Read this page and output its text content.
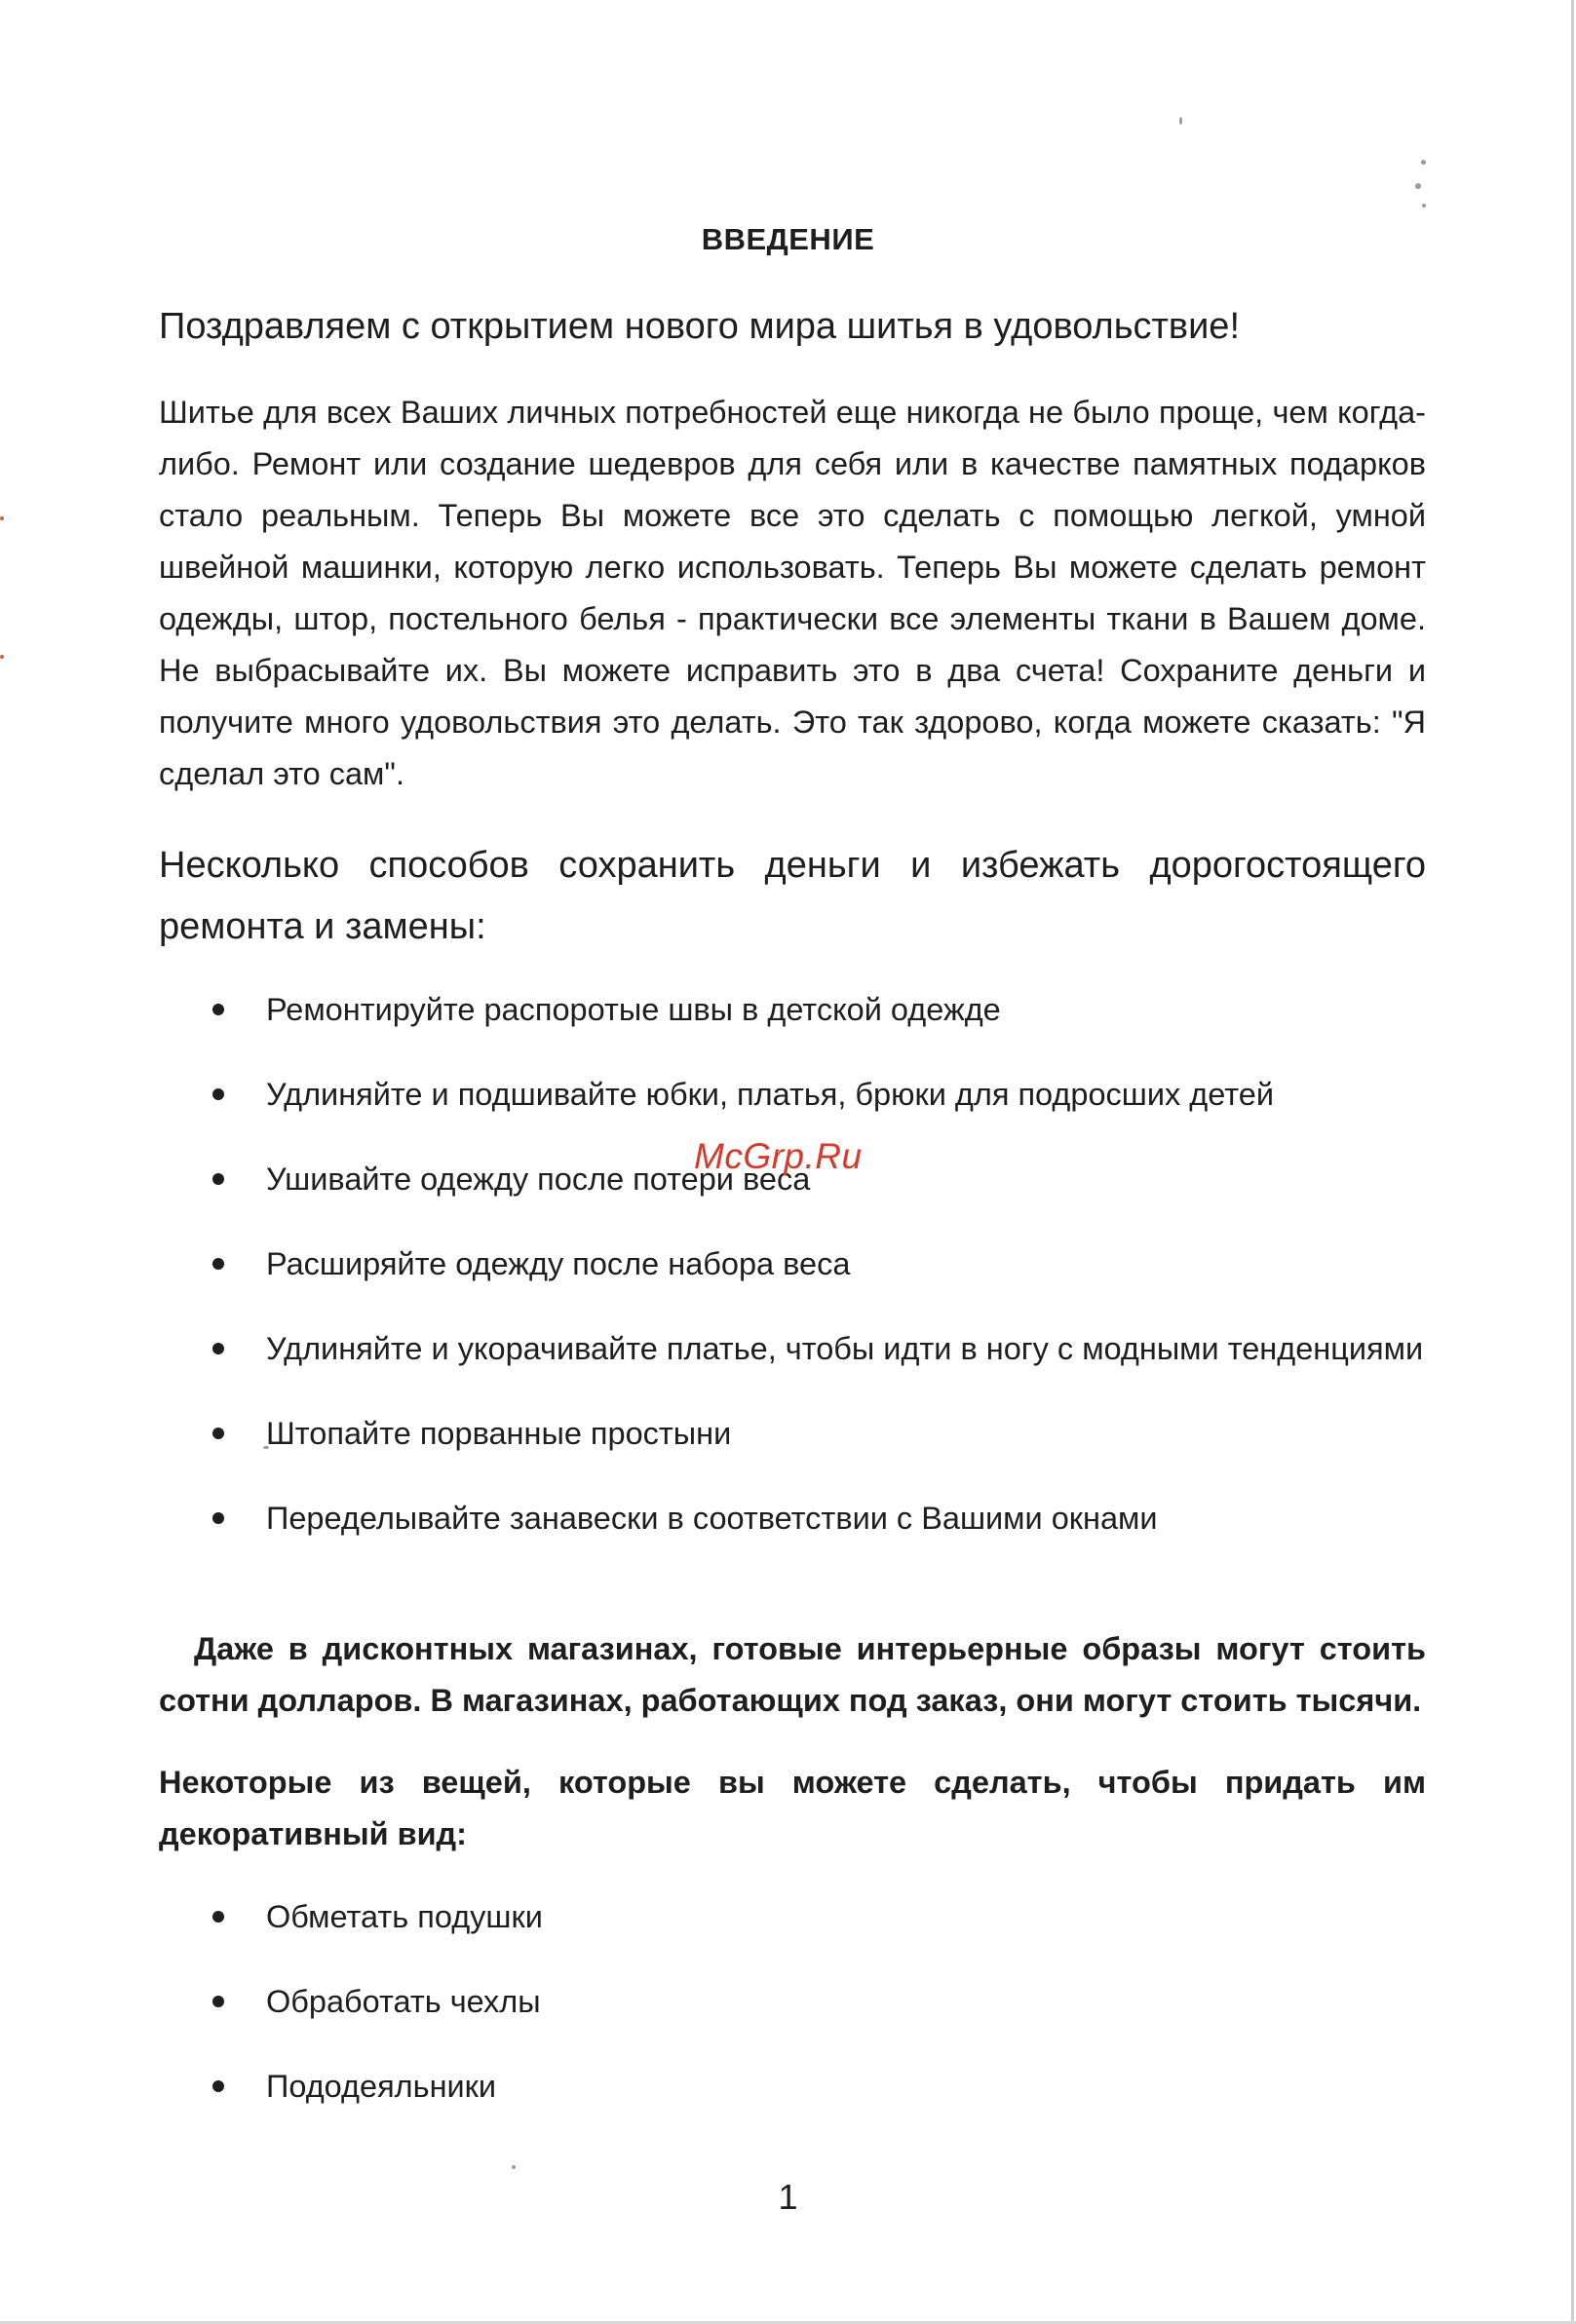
ВВЕДЕНИЕ
Поздравляем с открытием нового мира шитья в удовольствие!
Шитье для всех Ваших личных потребностей еще никогда не было проще, чем когда-либо. Ремонт или создание шедевров для себя или в качестве памятных подарков стало реальным. Теперь Вы можете все это сделать с помощью легкой, умной швейной машинки, которую легко использовать. Теперь Вы можете сделать ремонт одежды, штор, постельного белья - практически все элементы ткани в Вашем доме. Не выбрасывайте их. Вы можете исправить это в два счета! Сохраните деньги и получите много удовольствия это делать. Это так здорово, когда можете сказать: "Я сделал это сам".
Несколько способов сохранить деньги и избежать дорогостоящего ремонта и замены:
Ремонтируйте распоротые швы в детской одежде
Удлиняйте и подшивайте юбки, платья, брюки для подросших детей
Ушивайте одежду после потери веса
Расширяйте одежду после набора веса
Удлиняйте и укорачивайте платье, чтобы идти в ногу с модными тенденциями
Штопайте порванные простыни
Переделывайте занавески в соответствии с Вашими окнами
McGrp.Ru
Даже в дисконтных магазинах, готовые интерьерные образы могут стоить сотни долларов. В магазинах, работающих под заказ, они могут стоить тысячи.
Некоторые из вещей, которые вы можете сделать, чтобы придать им декоративный вид:
Обметать подушки
Обработать чехлы
Пододеяльники
1
